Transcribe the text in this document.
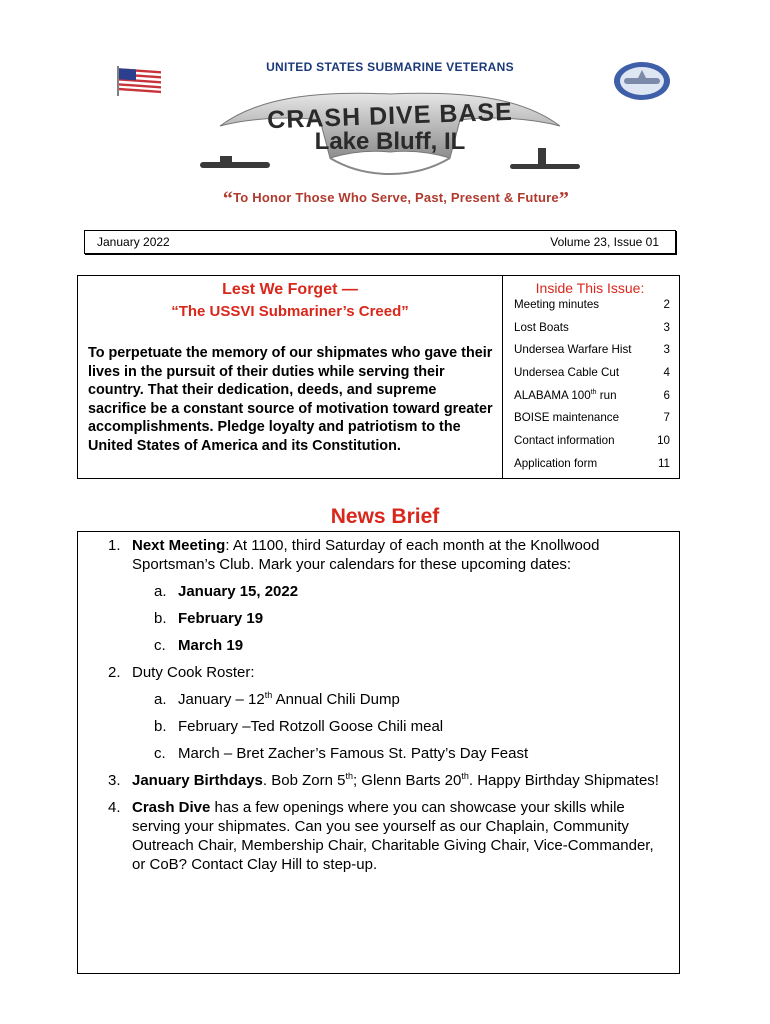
UNITED STATES SUBMARINE VETERANS
CRASH DIVE BASE
Lake Bluff, IL
“To Honor Those Who Serve, Past, Present & Future”
January 2022	Volume 23, Issue 01
Lest We Forget —
“The USSVI Submariner’s Creed”
To perpetuate the memory of our shipmates who gave their lives in the pursuit of their duties while serving their country. That their dedication, deeds, and supreme sacrifice be a constant source of motivation toward greater accomplishments. Pledge loyalty and patriotism to the United States of America and its Constitution.
Inside This Issue:
Meeting minutes	2
Lost Boats	3
Undersea Warfare Hist	3
Undersea Cable Cut	4
ALABAMA 100th run	6
BOISE maintenance	7
Contact information	10
Application form	11
News Brief
1. Next Meeting: At 1100, third Saturday of each month at the Knollwood Sportsman’s Club. Mark your calendars for these upcoming dates:
a. January 15, 2022
b. February 19
c. March 19
2. Duty Cook Roster:
a. January – 12th Annual Chili Dump
b. February –Ted Rotzoll Goose Chili meal
c. March – Bret Zacher’s Famous St. Patty’s Day Feast
3. January Birthdays. Bob Zorn 5th; Glenn Barts 20th. Happy Birthday Shipmates!
4. Crash Dive has a few openings where you can showcase your skills while serving your shipmates. Can you see yourself as our Chaplain, Community Outreach Chair, Membership Chair, Charitable Giving Chair, Vice-Commander, or CoB? Contact Clay Hill to step-up.
